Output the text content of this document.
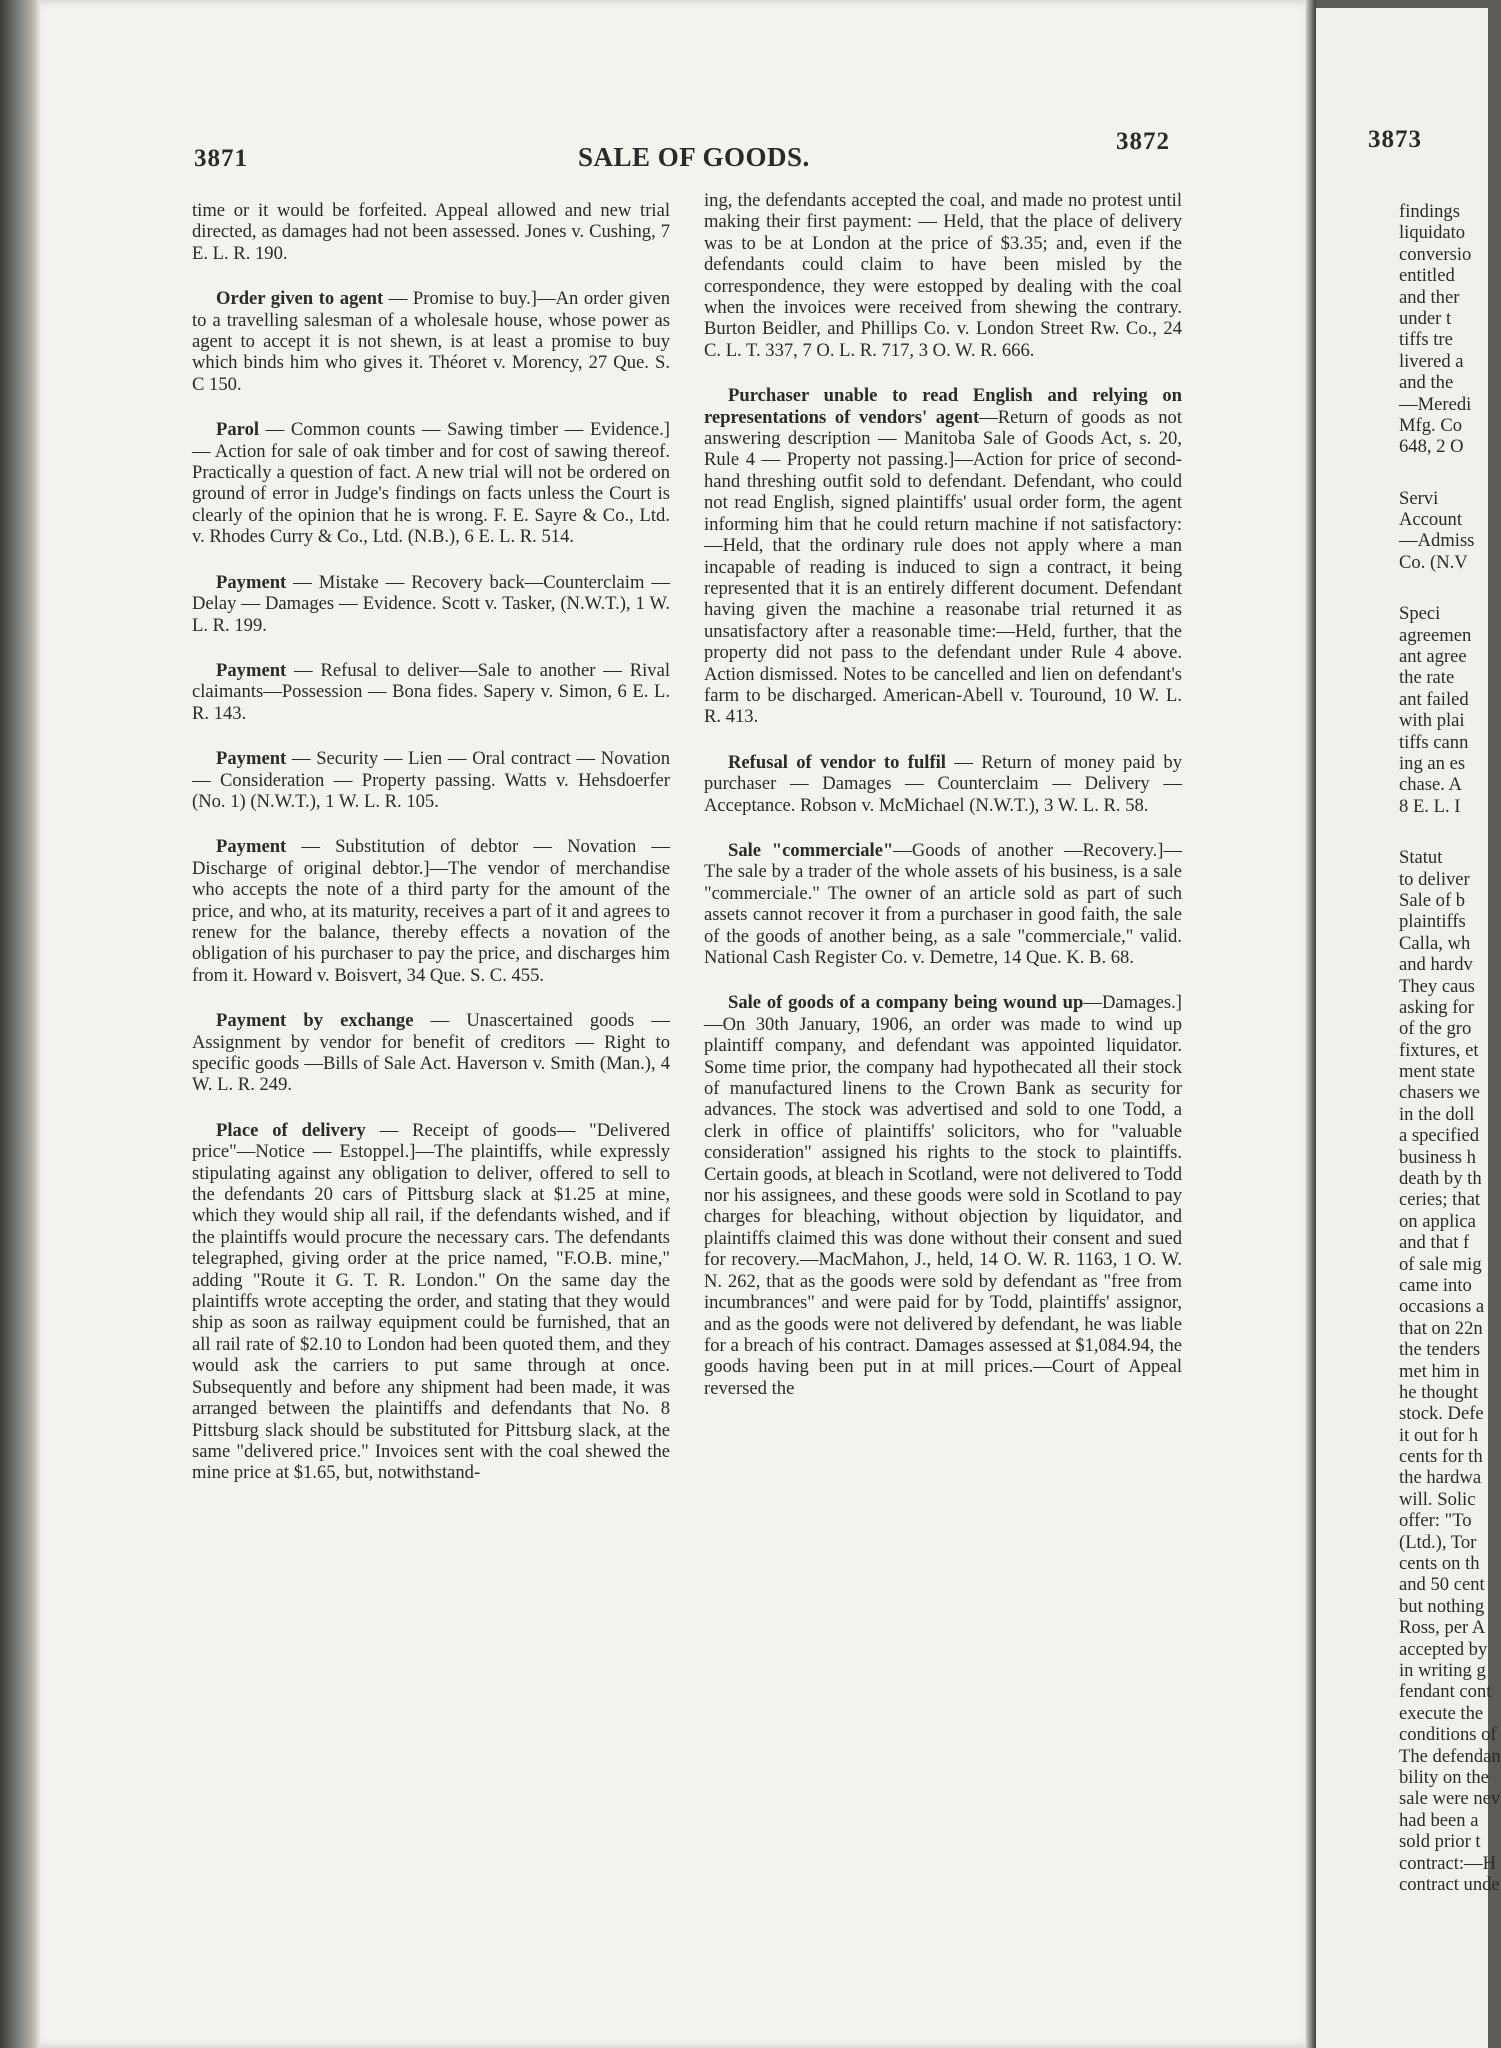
3871	SALE OF GOODS.
3872

time or it would be forfeited. Appeal allowed and new trial directed, as damages had not been assessed. Jones v. Cushing, 7 E. L. R. 190.

Order given to agent — Promise to buy.]—An order given to a travelling salesman of a wholesale house, whose power as agent to accept it is not shewn, is at least a promise to buy which binds him who gives it. Théoret v. Morency, 27 Que. S. C 150.

Parol — Common counts — Sawing timber — Evidence.] — Action for sale of oak timber and for cost of sawing thereof. Practically a question of fact. A new trial will not be ordered on ground of error in Judge's findings on facts unless the Court is clearly of the opinion that he is wrong. F. E. Sayre & Co., Ltd. v. Rhodes Curry & Co., Ltd. (N.B.), 6 E. L. R. 514.

Payment — Mistake — Recovery back—Counterclaim — Delay — Damages — Evidence. Scott v. Tasker, (N.W.T.), 1 W. L. R. 199.

Payment — Refusal to deliver—Sale to another — Rival claimants—Possession — Bona fides. Sapery v. Simon, 6 E. L. R. 143.

Payment — Security — Lien — Oral contract — Novation — Consideration — Property passing. Watts v. Hehsdoerfer (No. 1) (N.W.T.), 1 W. L. R. 105.

Payment — Substitution of debtor — Novation — Discharge of original debtor.]—The vendor of merchandise who accepts the note of a third party for the amount of the price, and who, at its maturity, receives a part of it and agrees to renew for the balance, thereby effects a novation of the obligation of his purchaser to pay the price, and discharges him from it. Howard v. Boisvert, 34 Que. S. C. 455.

Payment by exchange — Unascertained goods — Assignment by vendor for benefit of creditors — Right to specific goods —Bills of Sale Act. Haverson v. Smith (Man.), 4 W. L. R. 249.

Place of delivery — Receipt of goods— "Delivered price"—Notice — Estoppel.]—The plaintiffs, while expressly stipulating against any obligation to deliver, offered to sell to the defendants 20 cars of Pittsburg slack at $1.25 at mine, which they would ship all rail, if the defendants wished, and if the plaintiffs would procure the necessary cars. The defendants telegraphed, giving order at the price named, "F.O.B. mine," adding "Route it G. T. R. London." On the same day the plaintiffs wrote accepting the order, and stating that they would ship as soon as railway equipment could be furnished, that an all rail rate of $2.10 to London had been quoted them, and they would ask the carriers to put same through at once. Subsequently and before any shipment had been made, it was arranged between the plaintiffs and defendants that No. 8 Pittsburg slack should be substituted for Pittsburg slack, at the same "delivered price." Invoices sent with the coal shewed the mine price at $1.65, but, notwithstand-

ing, the defendants accepted the coal, and made no protest until making their first payment: — Held, that the place of delivery was to be at London at the price of $3.35; and, even if the defendants could claim to have been misled by the correspondence, they were estopped by dealing with the coal when the invoices were received from shewing the contrary. Burton Beidler, and Phillips Co. v. London Street Rw. Co., 24 C. L. T. 337, 7 O. L. R. 717, 3 O. W. R. 666.

Purchaser unable to read English and relying on representations of vendors' agent—Return of goods as not answering description — Manitoba Sale of Goods Act, s. 20, Rule 4 — Property not passing.]—Action for price of second-hand threshing outfit sold to defendant. Defendant, who could not read English, signed plaintiffs' usual order form, the agent informing him that he could return machine if not satisfactory:—Held, that the ordinary rule does not apply where a man incapable of reading is induced to sign a contract, it being represented that it is an entirely different document. Defendant having given the machine a reasonabe trial returned it as unsatisfactory after a reasonable time:—Held, further, that the property did not pass to the defendant under Rule 4 above. Action dismissed. Notes to be cancelled and lien on defendant's farm to be discharged. American-Abell v. Touround, 10 W. L. R. 413.

Refusal of vendor to fulfil — Return of money paid by purchaser — Damages — Counterclaim — Delivery — Acceptance. Robson v. McMichael (N.W.T.), 3 W. L. R. 58.

Sale "commerciale"—Goods of another —Recovery.]—The sale by a trader of the whole assets of his business, is a sale "commerciale." The owner of an article sold as part of such assets cannot recover it from a purchaser in good faith, the sale of the goods of another being, as a sale "commerciale," valid. National Cash Register Co. v. Demetre, 14 Que. K. B. 68.

Sale of goods of a company being wound up—Damages.]—On 30th January, 1906, an order was made to wind up plaintiff company, and defendant was appointed liquidator. Some time prior, the company had hypothecated all their stock of manufactured linens to the Crown Bank as security for advances. The stock was advertised and sold to one Todd, a clerk in office of plaintiffs' solicitors, who for "valuable consideration" assigned his rights to the stock to plaintiffs. Certain goods, at bleach in Scotland, were not delivered to Todd nor his assignees, and these goods were sold in Scotland to pay charges for bleaching, without objection by liquidator, and plaintiffs claimed this was done without their consent and sued for recovery.—MacMahon, J., held, 14 O. W. R. 1163, 1 O. W. N. 262, that as the goods were sold by defendant as "free from incumbrances" and were paid for by Todd, plaintiffs' assignor, and as the goods were not delivered by defendant, he was liable for a breach of his contract. Damages assessed at $1,084.94, the goods having been put in at mill prices.—Court of Appeal reversed the

3873
findings
liquidato
conversio
entitled
and ther
under t
tiffs tre
livered a
and the
—Meredi
Mfg. Co
648, 2 O
Servi
Account
—Admiss
Co. (N.V
Speci
agreemen
ant agree
the rate
ant failed
with plai
tiffs cann
ing an es
chase. A
8 E. L. I
Statut
to deliver
Sale of b
plaintiffs
Calla, wh
and hardv
They caus
asking for
of the gro
fixtures, et
ment state
chasers we
in the doll
a specified
business h
death by th
ceries; that
on applica
and that f
of sale mig
came into
occasions a
that on 22n
the tenders
met him in
he thought
stock. Defe
it out for h
cents for th
the hardwa
will. Solic
offer: "To
(Ltd.), Tor
cents on th
and 50 cent
but nothing
Ross, per A
accepted by
in writing g
fendant cont
execute the
conditions of
The defendan
bility on the
sale were nev
had been a
sold prior t
contract:—H
contract unde
